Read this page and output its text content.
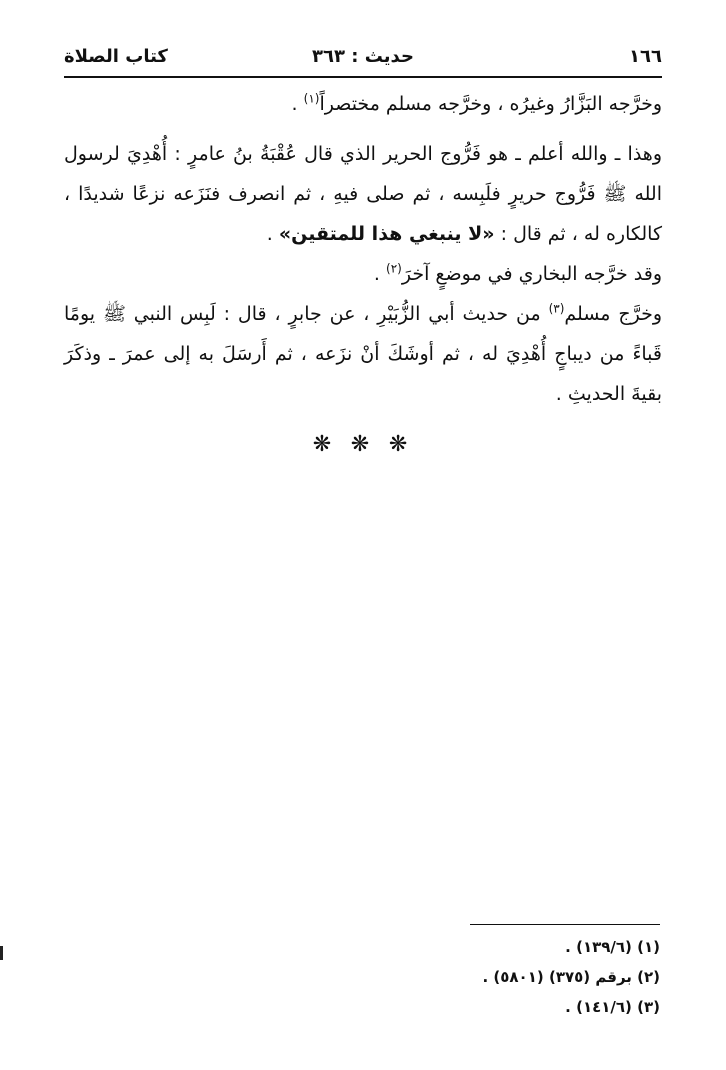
١٦٦
حديث : ٣٦٣
كتاب الصلاة

وخرَّجه البَزَّارُ وغيرُه ، وخرَّجه مسلم مختصراً$^{(١)}$ .

وهذا ـ والله أعلم ـ هو فَرُّوج الحرير الذي قال عُقْبَةُ بنُ عامرٍ : أُهْدِيَ لرسول الله ﷺ فَرُّوج حريرٍ فلَبِسه ، ثم صلى فيهِ ، ثم انصرف فنَزَعه نزعًا شديدًا ، كالكاره له ، ثم قال : «لا ينبغي هذا للمتقين» .

وقد خرَّجه البخاري في موضعٍ آخرَ$^{(٢)}$ .

وخرَّج مسلم$^{(٣)}$ من حديث أبي الزُّبَيْرِ ، عن جابرٍ ، قال : لَبِس النبي ﷺ يومًا قَباءً من ديباجٍ أُهْدِيَ له ، ثم أوشَكَ أنْ نزَعه ، ثم أَرسَلَ به إلى عمرَ ـ وذكَرَ بقيةَ الحديثِ .

❋ ❋ ❋
(١) (١٣٩/٦) .
(٢) برقم (٣٧٥) (٥٨٠١) .
(٣) (١٤١/٦) .
